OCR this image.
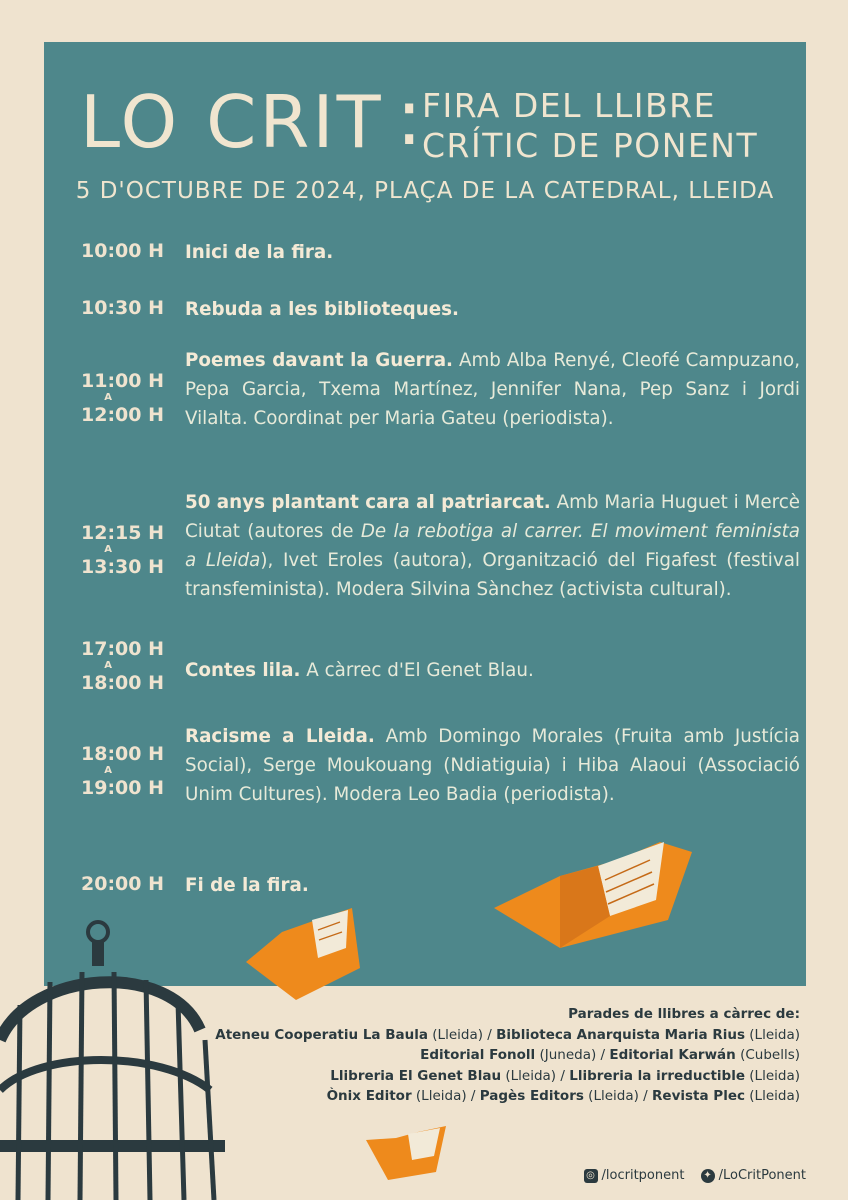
LO CRIT : FIRA DEL LLIBRE
CRÍTIC DE PONENT
5 D'OCTUBRE DE 2024, PLAÇA DE LA CATEDRAL, LLEIDA
10:00 H Inici de la fira.
10:30 H Rebuda a les biblioteques.
11:00 H
A
12:00 H
Poemes davant la Guerra. Amb Alba Renyé, Cleofé Campuzano, Pepa Garcia, Txema Martínez, Jennifer Nana, Pep Sanz i Jordi Vilalta. Coordinat per Maria Gateu (periodista).
12:15 H
A
13:30 H
50 anys plantant cara al patriarcat. Amb Maria Huguet i Mercè Ciutat (autores de De la rebotiga al carrer. El moviment feminista a Lleida), Ivet Eroles (autora), Organització del Figafest (festival transfeminista). Modera Silvina Sànchez (activista cultural).
17:00 H
A
18:00 H
Contes lila. A càrrec d'El Genet Blau.
18:00 H
A
19:00 H
Racisme a Lleida. Amb Domingo Morales (Fruita amb Justícia Social), Serge Moukouang (Ndiatiguia) i Hiba Alaoui (Associació Unim Cultures). Modera Leo Badia (periodista).
20:00 H Fi de la fira.
Parades de llibres a càrrec de:
Ateneu Cooperatiu La Baula (Lleida) / Biblioteca Anarquista Maria Rius (Lleida)
Editorial Fonoll (Juneda) / Editorial Karwán (Cubells)
Llibreria El Genet Blau (Lleida) / Llibreria la irreductible (Lleida)
Ònix Editor (Lleida) / Pagès Editors (Lleida) / Revista Plec (Lleida)
◎ /locritponent ✦ /LoCritPonent
